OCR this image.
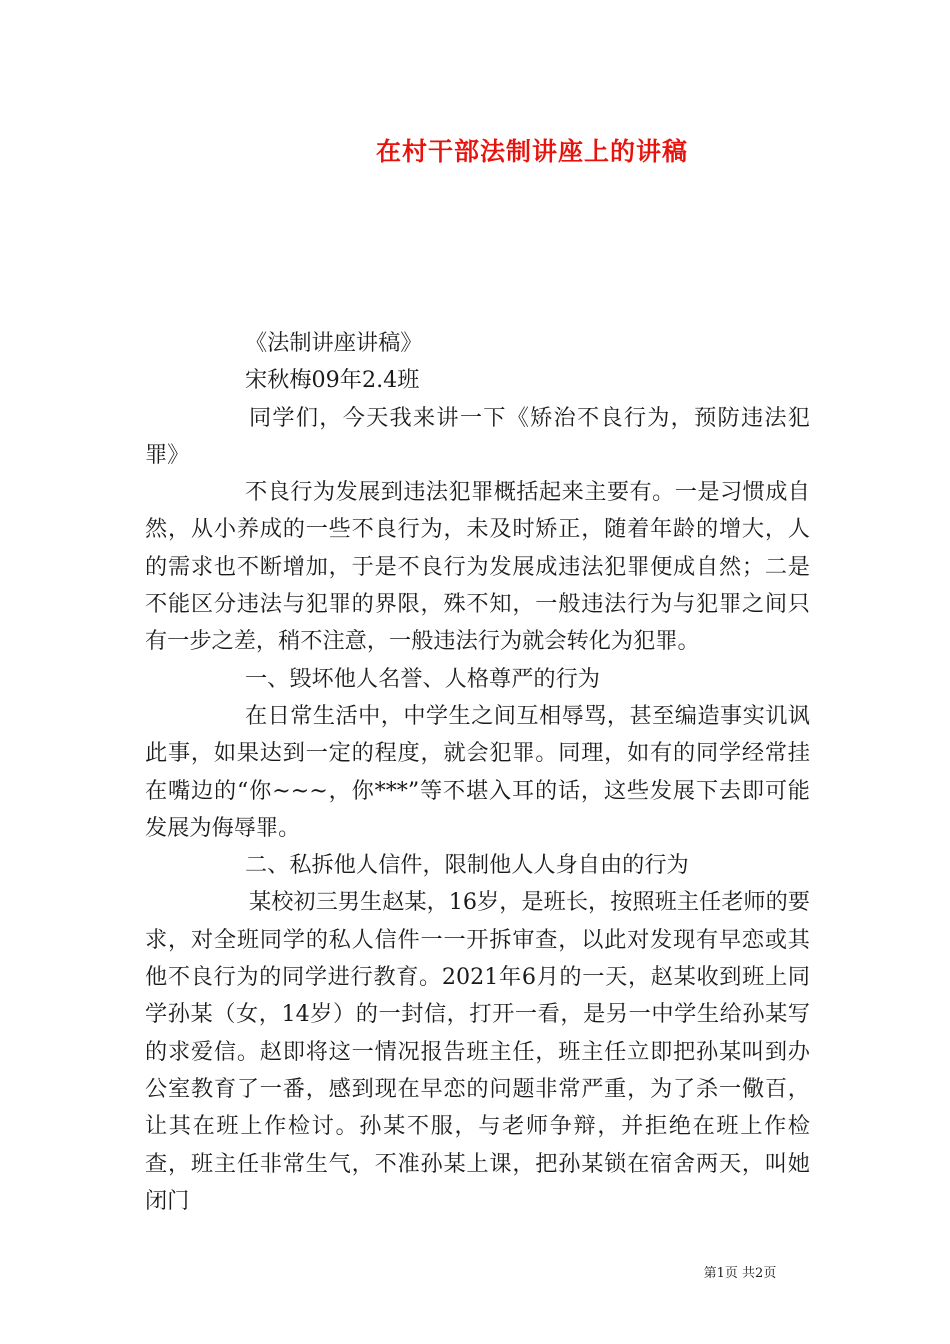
在村干部法制讲座上的讲稿

《法制讲座讲稿》

宋秋梅09年2.4班

同学们，今天我来讲一下《矫治不良行为，预防违法犯罪》

不良行为发展到违法犯罪概括起来主要有。一是习惯成自然，从小养成的一些不良行为，未及时矫正，随着年龄的增大，人的需求也不断增加，于是不良行为发展成违法犯罪便成自然；二是不能区分违法与犯罪的界限，殊不知，一般违法行为与犯罪之间只有一步之差，稍不注意，一般违法行为就会转化为犯罪。

一、毁坏他人名誉、人格尊严的行为

在日常生活中，中学生之间互相辱骂，甚至编造事实讥讽此事，如果达到一定的程度，就会犯罪。同理，如有的同学经常挂在嘴边的“你~~~，你***”等不堪入耳的话，这些发展下去即可能发展为侮辱罪。

二、私拆他人信件，限制他人人身自由的行为

某校初三男生赵某，16岁，是班长，按照班主任老师的要求，对全班同学的私人信件一一开拆审查，以此对发现有早恋或其他不良行为的同学进行教育。2021年6月的一天，赵某收到班上同学孙某（女，14岁）的一封信，打开一看，是另一中学生给孙某写的求爱信。赵即将这一情况报告班主任，班主任立即把孙某叫到办公室教育了一番，感到现在早恋的问题非常严重，为了杀一儆百，让其在班上作检讨。孙某不服，与老师争辩，并拒绝在班上作检查，班主任非常生气，不准孙某上课，把孙某锁在宿舍两天，叫她闭门

第1页 共2页
